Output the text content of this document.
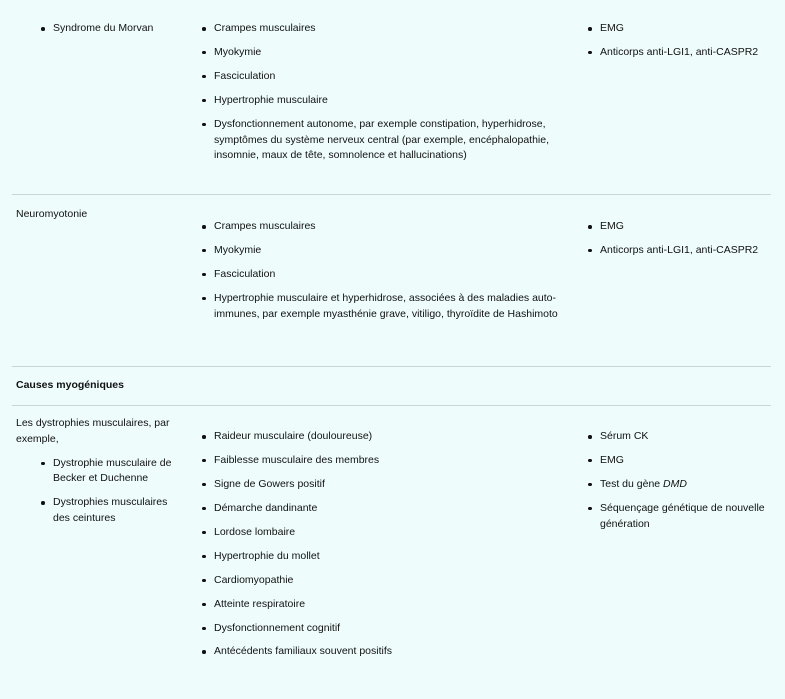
Syndrome du Morvan	Crampes musculaires
Myokymie
Fasciculation
Hypertrophie musculaire
Dysfonctionnement autonome, par exemple constipation, hyperhidrose, symptômes du système nerveux central (par exemple, encéphalopathie, insomnie, maux de tête, somnolence et hallucinations)
EMG
Anticorps anti-LGI1, anti-CASPR2

Neuromyotonie

Crampes musculaires
Myokymie
Fasciculation
Hypertrophie musculaire et hyperhidrose, associées à des maladies auto-immunes, par exemple myasthénie grave, vitiligo, thyroïdite de Hashimoto
EMG
Anticorps anti-LGI1, anti-CASPR2
Causes myogéniques

Les dystrophies musculaires, par exemple,

Dystrophie musculaire de Becker et Duchenne
Dystrophies musculaires des ceintures
Raideur musculaire (douloureuse)
Faiblesse musculaire des membres
Signe de Gowers positif
Démarche dandinante
Lordose lombaire
Hypertrophie du mollet
Cardiomyopathie
Atteinte respiratoire
Dysfonctionnement cognitif
Antécédents familiaux souvent positifs
Sérum CK
EMG
Test du gène DMD
Séquençage génétique de nouvelle génération
